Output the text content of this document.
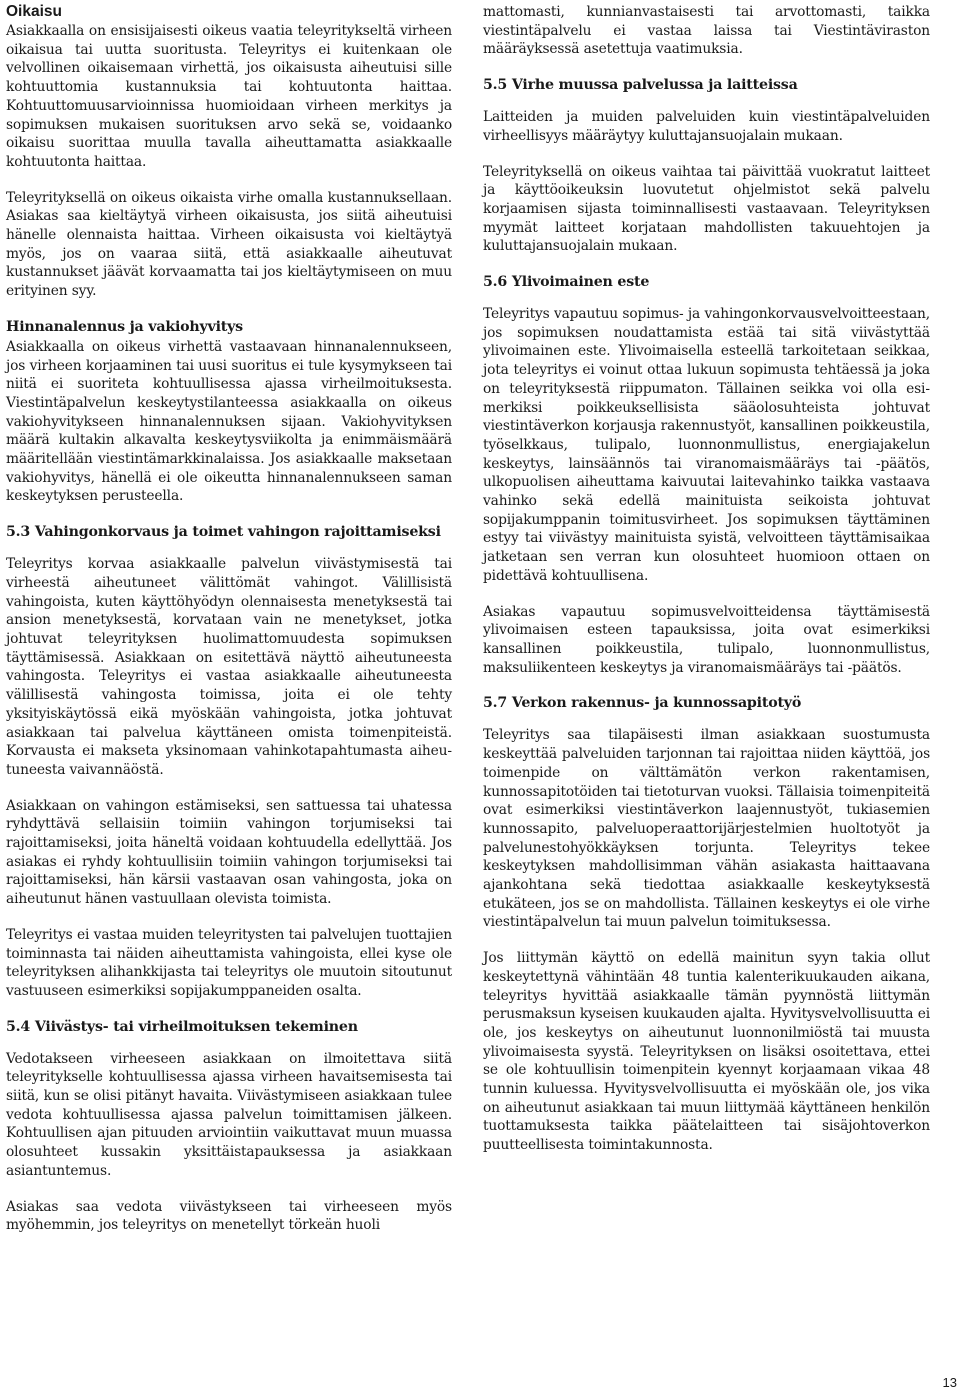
Oikaisu

Asiakkaalla on ensisijaisesti oikeus vaatia teleyritykseltä virheen oikaisua tai uutta suoritusta. Teleyritys ei kuitenkaan ole velvollinen oikaisemaan virhettä, jos oikaisusta aiheutuisi sille kohtuuttomia kustannuksia tai kohtuutonta haittaa. Kohtuuttomuusarvioinnissa huomioidaan virheen merkitys ja sopimuksen mukaisen suorituksen arvo sekä se, voidaanko oikaisu suorittaa muulla tavalla aiheuttamatta asiakkaalle kohtuutonta haittaa.

Teleyrityksellä on oikeus oikaista virhe omalla kustannuksellaan. Asiakas saa kieltäytyä virheen oikaisusta, jos siitä aiheutuisi hänelle olennaista haittaa. Virheen oikaisusta voi kieltäytyä myös, jos on vaaraa siitä, että asiakkaalle aiheutuvat kustannukset jäävät korvaamatta tai jos kieltäytymiseen on muu erityinen syy.

Hinnanalennus ja vakiohyvitys

Asiakkaalla on oikeus virhettä vastaavaan hinnanalennukseen, jos virheen korjaaminen tai uusi suoritus ei tule kysymykseen tai niitä ei suoriteta kohtuullisessa ajassa virheilmoituksesta. Viestintäpalvelun keskeytystilanteessa asiakkaalla on oikeus vakiohyvitykseen hinnanalennuksen sijaan. Vakiohyvityksen määrä kultakin alkavalta keskeytysviikolta ja enimmäismäärä määritellään viestintämarkkinalaissa. Jos asiakkaalle maksetaan vakiohyvitys, hänellä ei ole oikeutta hinnanalennukseen saman keskeytyksen perusteella.

5.3 Vahingonkorvaus ja toimet vahingon rajoittamiseksi

Teleyritys korvaa asiakkaalle palvelun viivästymisestä tai virheestä aiheutuneet välittömät vahingot. Välillisistä vahingoista, kuten käyttöhyödyn olennaisesta menetyksestä tai ansion menetyksestä, korvataan vain ne menetykset, jotka johtuvat teleyrityksen huolimattomuudesta sopimuksen täyttämisessä. Asiakkaan on esitettävä näyttö aiheutuneesta vahingosta. Teleyritys ei vastaa asiakkaalle aiheutuneesta välillisestä vahingosta toimissa, joita ei ole tehty yksityiskäytössä eikä myöskään vahingoista, jotka johtuvat asiakkaan tai palvelua käyttäneen omista toimenpiteistä. Korvausta ei makseta yksinomaan vahinkotapahtumasta aiheutuneesta vaivannäöstä.

Asiakkaan on vahingon estämiseksi, sen sattuessa tai uhatessa ryhdyttävä sellaisiin toimiin vahingon torjumiseksi tai rajoittamiseksi, joita häneltä voidaan kohtuudella edellyttää. Jos asiakas ei ryhdy kohtuullisiin toimiin vahingon torjumiseksi tai rajoittamiseksi, hän kärsii vastaavan osan vahingosta, joka on aiheutunut hänen vastuullaan olevista toimista.

Teleyritys ei vastaa muiden teleyritysten tai palvelujen tuottajien toiminnasta tai näiden aiheuttamista vahingoista, ellei kyse ole teleyrityksen alihankkijasta tai teleyritys ole muutoin sitoutunut vastuuseen esimerkiksi sopijakumppaneiden osalta.

5.4 Viivästys- tai virheilmoituksen tekeminen

Vedotakseen virheeseen asiakkaan on ilmoitettava siitä teleyritykselle kohtuullisessa ajassa virheen havaitsemisesta tai siitä, kun se olisi pitänyt havaita. Viivästymiseen asiakkaan tulee vedota kohtuullisessa ajassa palvelun toimittamisen jälkeen. Kohtuullisen ajan pituuden arviointiin vaikuttavat muun muassa olosuhteet kussakin yksittäistapauksessa ja asiakkaan asiantuntemus.

Asiakas saa vedota viivästykseen tai virheeseen myös myöhemmin, jos teleyritys on menetellyt törkeän huoli

mattomasti, kunnianvastaisesti tai arvottomasti, taikka viestintäpalvelu ei vastaa laissa tai Viestintäviraston määräyksessä asetettuja vaatimuksia.

5.5 Virhe muussa palvelussa ja laitteissa

Laitteiden ja muiden palveluiden kuin viestintäpalveluiden virheellisyys määräytyy kuluttajansuojalain mukaan.

Teleyrityksellä on oikeus vaihtaa tai päivittää vuokratut laitteet ja käyttöoikeuksin luovutetut ohjelmistot sekä palvelu korjaamisen sijasta toiminnallisesti vastaavaan. Teleyrityksen myymät laitteet korjataan mahdollisten takuuehtojen ja kuluttajansuojalain mukaan.

5.6 Ylivoimainen este

Teleyritys vapautuu sopimus- ja vahingonkorvausvelvoitteestaan, jos sopimuksen noudattamista estää tai sitä viivästyttää ylivoimainen este. Ylivoimaisella esteellä tarkoitetaan seikkaa, jota teleyritys ei voinut ottaa lukuun sopimusta tehtäessä ja joka on teleyrityksestä riippumaton. Tällainen seikka voi olla esimerkiksi poikkeuksellisista sääolosuhteista johtuvat viestintäverkon korjausja rakennustyöt, kansallinen poikkeustila, työselkkaus, tulipalo, luonnonmullistus, energiajakelun keskeytys, lainsäännös tai viranomaismääräys tai -päätös, ulkopuolisen aiheuttama kaivuutai laitevahinko taikka vastaava vahinko sekä edellä mainituista seikoista johtuvat sopijakumppanin toimitusvirheet. Jos sopimuksen täyttäminen estyy tai viivästyy mainituista syistä, velvoitteen täyttämisaikaa jatketaan sen verran kun olosuhteet huomioon ottaen on pidettävä kohtuullisena.

Asiakas vapautuu sopimusvelvoitteidensa täyttämisestä ylivoimaisen esteen tapauksissa, joita ovat esimerkiksi kansallinen poikkeustila, tulipalo, luonnonmullistus, maksuliikenteen keskeytys ja viranomaismääräys tai -päätös.

5.7 Verkon rakennus- ja kunnossapitotyö

Teleyritys saa tilapäisesti ilman asiakkaan suostumusta keskeyttää palveluiden tarjonnan tai rajoittaa niiden käyttöä, jos toimenpide on välttämätön verkon rakentamisen, kunnossapitotöiden tai tietoturvan vuoksi. Tällaisia toimenpiteitä ovat esimerkiksi viestintäverkon laajennustyöt, tukiasemien kunnossapito, palveluoperaattorijärjestelmien huoltotyöt ja palvelunestohyökkäyksen torjunta. Teleyritys tekee keskeytyksen mahdollisimman vähän asiakasta haittaavana ajankohtana sekä tiedottaa asiakkaalle keskeytyksestä etukäteen, jos se on mahdollista. Tällainen keskeytys ei ole virhe viestintäpalvelun tai muun palvelun toimituksessa.

Jos liittymän käyttö on edellä mainitun syyn takia ollut keskeytettynä vähintään 48 tuntia kalenterikuukauden aikana, teleyritys hyvittää asiakkaalle tämän pyynnöstä liittymän perusmaksun kyseisen kuukauden ajalta. Hyvitysvelvollisuutta ei ole, jos keskeytys on aiheutunut luonnonilmiöstä tai muusta ylivoimaisesta syystä. Teleyrityksen on lisäksi osoitettava, ettei se ole kohtuullisin toimenpitein kyennyt korjaamaan vikaa 48 tunnin kuluessa. Hyvitysvelvollisuutta ei myöskään ole, jos vika on aiheutunut asiakkaan tai muun liittymää käyttäneen henkilön tuottamuksesta taikka päätelaitteen tai sisäjohtoverkon puutteellisesta toimintakunnosta.

13
